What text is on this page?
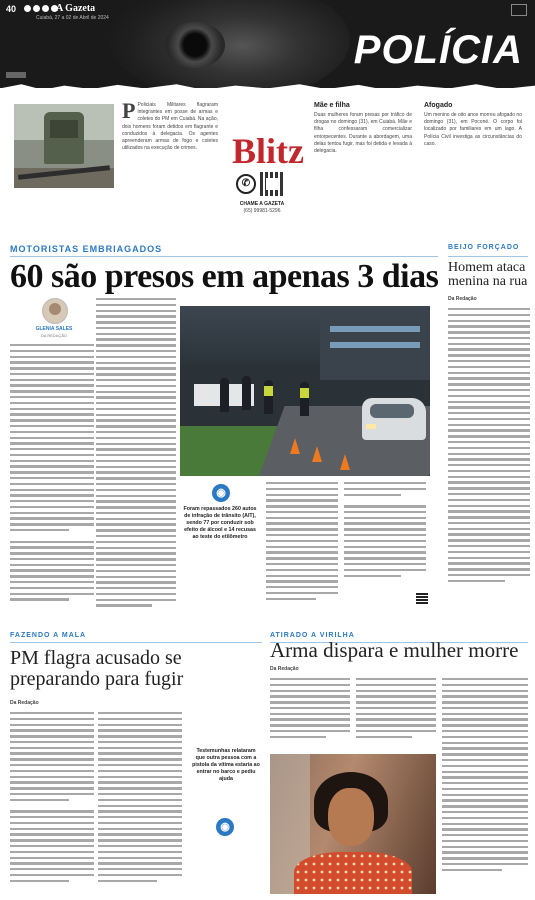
40	A Gazeta
Cuiabá, 27 a 02 de Abril de 2024
POLÍCIA
P Policiais Militares flagraram integrantes em posse de armas e coletes do PM em Cuiabá. Na ação, dois homens foram detidos em flagrante e conduzidos à delegacia. Os agentes apreenderam armas de fogo e coletes utilizados na execução de crimes. Blitz
✆
CHAME A GAZETA
(65) 99981-5296
Mãe e filha
Duas mulheres foram presas por tráfico de drogas no domingo (31), em Cuiabá. Mãe e filha confessaram comercializar entorpecentes. Durante a abordagem, uma delas tentou fugir, mas foi detida e levada à delegacia.
Afogado
Um menino de oito anos morreu afogado no domingo (31), em Poconé. O corpo foi localizado por familiares em um lago. A Polícia Civil investiga as circunstâncias do caso.
MOTORISTAS EMBRIAGADOS
60 são presos em apenas 3 dias
GLENIA SALES
DA REDAÇÃO
◉
Foram repassados 260 autos de infração de trânsito (AIT), sendo 77 por conduzir sob efeito de álcool e 14 recusas ao teste do etilômetro
BEIJO FORÇADO
Homem ataca menina na rua
Da Redação
FAZENDO A MALA
PM flagra acusado se preparando para fugir
Da Redação
Testemunhas relataram que outra pessoa com a pistola da vítima estaria ao entrar no barco e pediu ajuda
◉
ATIRADO A VIRILHA
Arma dispara e mulher morre
Da Redação
